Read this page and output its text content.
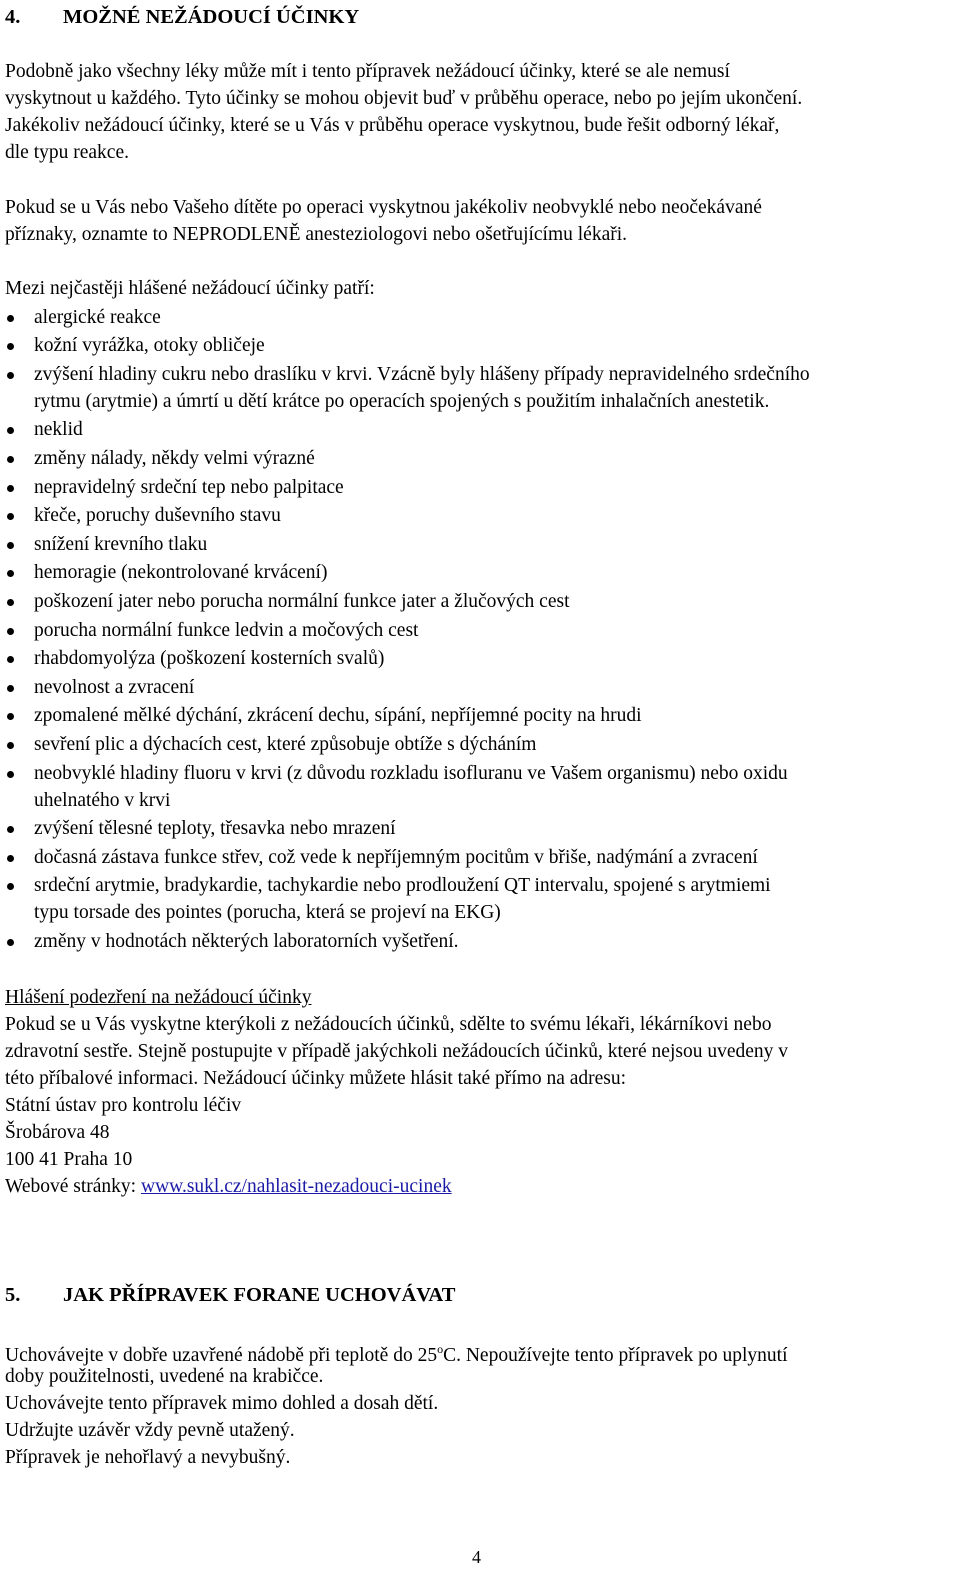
4. MOŽNÉ NEŽÁDOUCÍ ÚČINKY
Podobně jako všechny léky může mít i tento přípravek nežádoucí účinky, které se ale nemusí
vyskytnout u každého. Tyto účinky se mohou objevit buď v průběhu operace, nebo po jejím ukončení.
Jakékoliv nežádoucí účinky, které se u Vás v průběhu operace vyskytnou, bude řešit odborný lékař,
dle typu reakce.
Pokud se u Vás nebo Vašeho dítěte po operaci vyskytnou jakékoliv neobvyklé nebo neočekávané
příznaky, oznamte to NEPRODLENĚ anesteziologovi nebo ošetřujícímu lékaři.
Mezi nejčastěji hlášené nežádoucí účinky patří:
alergické reakce
kožní vyrážka, otoky obličeje
zvýšení hladiny cukru nebo draslíku v krvi. Vzácně byly hlášeny případy nepravidelného srdečního
rytmu (arytmie) a úmrtí u dětí krátce po operacích spojených s použitím inhalačních anestetik.
neklid
změny nálady, někdy velmi výrazné
nepravidelný srdeční tep nebo palpitace
křeče, poruchy duševního stavu
snížení krevního tlaku
hemoragie (nekontrolované krvácení)
poškození jater nebo porucha normální funkce jater a žlučových cest
porucha normální funkce ledvin a močových cest
rhabdomyolýza (poškození kosterních svalů)
nevolnost a zvracení
zpomalené mělké dýchání, zkrácení dechu, sípání, nepříjemné pocity na hrudi
sevření plic a dýchacích cest, které způsobuje obtíže s dýcháním
neobvyklé hladiny fluoru v krvi (z důvodu rozkladu isofluranu ve Vašem organismu) nebo oxidu
uhelnatého v krvi
zvýšení tělesné teploty, třesavka nebo mrazení
dočasná zástava funkce střev, což vede k nepříjemným pocitům v břiše, nadýmání a zvracení
srdeční arytmie, bradykardie, tachykardie nebo prodloužení QT intervalu, spojené s arytmiemi
typu torsade des pointes (porucha, která se projeví na EKG)
změny v hodnotách některých laboratorních vyšetření.
Hlášení podezření na nežádoucí účinky
Pokud se u Vás vyskytne kterýkoli z nežádoucích účinků, sdělte to svému lékaři, lékárníkovi nebo
zdravotní sestře. Stejně postupujte v případě jakýchkoli nežádoucích účinků, které nejsou uvedeny v
této příbalové informaci. Nežádoucí účinky můžete hlásit také přímo na adresu:
Státní ústav pro kontrolu léčiv
Šrobárova 48
100 41 Praha 10
Webové stránky: www.sukl.cz/nahlasit-nezadouci-ucinek
5. JAK PŘÍPRAVEK FORANE UCHOVÁVAT
Uchovávejte v dobře uzavřené nádobě při teplotě do 25$^o$C. Nepoužívejte tento přípravek po uplynutí
doby použitelnosti, uvedené na krabičce.
Uchovávejte tento přípravek mimo dohled a dosah dětí.
Udržujte uzávěr vždy pevně utažený.
Přípravek je nehořlavý a nevybušný.
4
